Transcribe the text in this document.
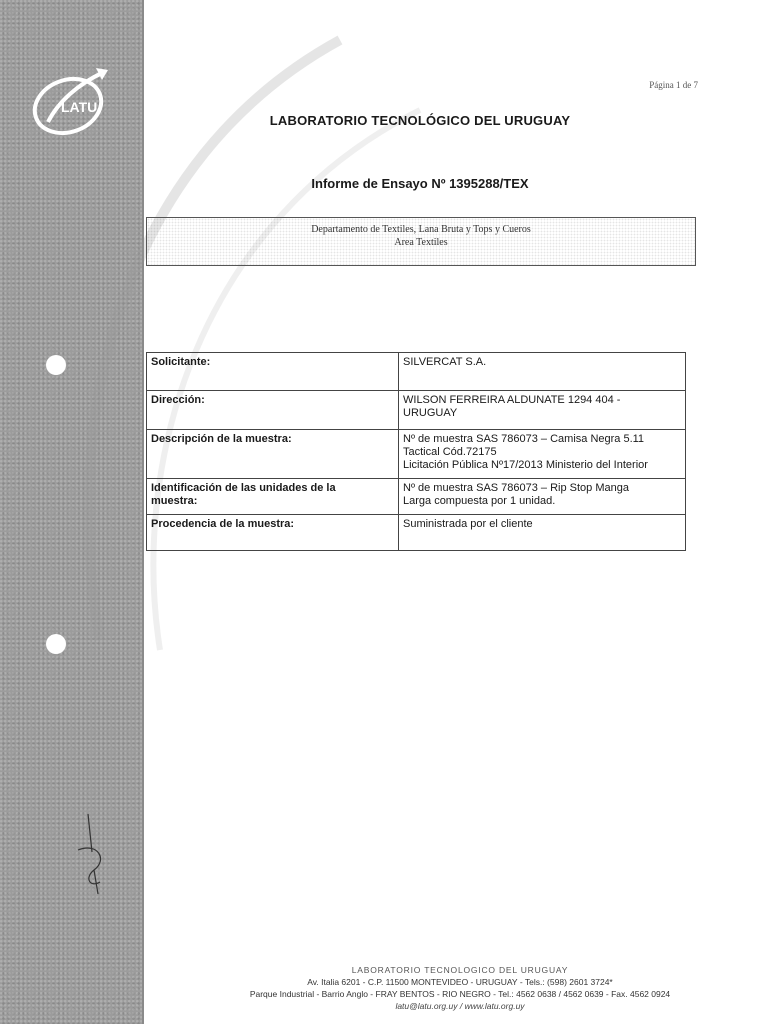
LATU
Página 1 de 7
LABORATORIO TECNOLÓGICO DEL URUGUAY
Informe de Ensayo Nº 1395288/TEX
Departamento de Textiles, Lana Bruta y Tops y Cueros
Area Textiles
Solicitante:	SILVERCAT S.A.

Dirección:	WILSON FERREIRA ALDUNATE 1294 404 -
URUGUAY

Descripción de la muestra:	Nº de muestra SAS 786073 – Camisa Negra 5.11
Tactical Cód.72175
Licitación Pública Nº17/2013 Ministerio del Interior

Identificación de las unidades de la
muestra:	Nº de muestra SAS 786073 – Rip Stop Manga
Larga compuesta por 1 unidad.

Procedencia de la muestra:	Suministrada por el cliente
LABORATORIO TECNOLOGICO DEL URUGUAY
Av. Italia 6201 - C.P. 11500 MONTEVIDEO - URUGUAY - Tels.: (598) 2601 3724*
Parque Industrial - Barrio Anglo - FRAY BENTOS - RIO NEGRO - Tel.: 4562 0638 / 4562 0639 - Fax. 4562 0924
latu@latu.org.uy / www.latu.org.uy
